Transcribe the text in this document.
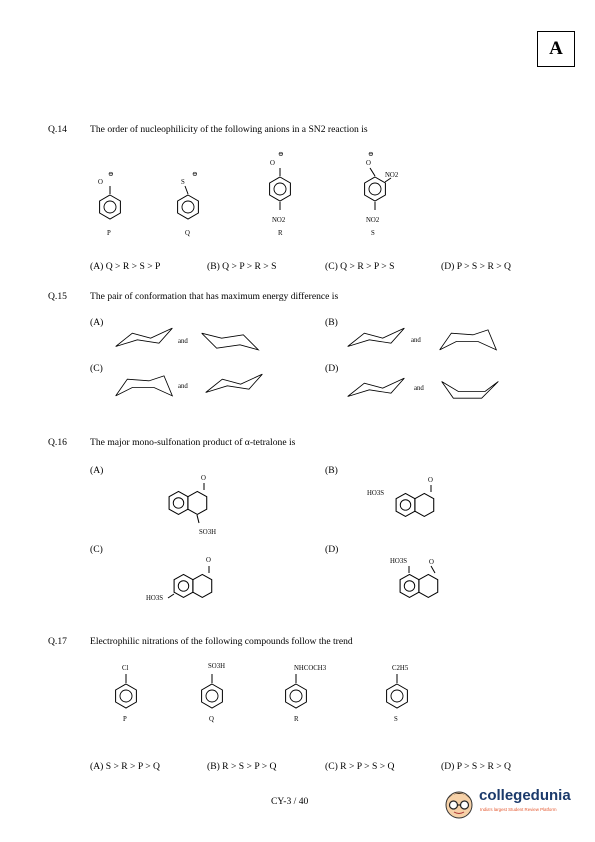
A
Q.14 The order of nucleophilicity of the following anions in a SN2 reaction is
⊖
O
P
⊖
S
Q
⊖
O
NO2
R
⊖
O
NO2
NO2
S
(A) Q > R > S > P	(B) Q > P > R > S	(C) Q > R > P > S	(D) P > S > R > Q
Q.15 The pair of conformation that has maximum energy difference is
(A)
and
(B)
and
(C)
and
(D)
and
Q.16 The major mono-sulfonation product of α-tetralone is
(A)
O
SO3H
(B)
HO3S
O
(C)
O
HO3S
(D)
HO3S	O
Q.17 Electrophilic nitrations of the following compounds follow the trend
Cl
P
SO3H
Q
NHCOCH3
R
C2H5
S
(A) S > R > P > Q	(B) R > S > P > Q	(C) R > P > S > Q	(D) P > S > R > Q
CY-3 / 40	collegedunia
India's largest Student Review Platform
